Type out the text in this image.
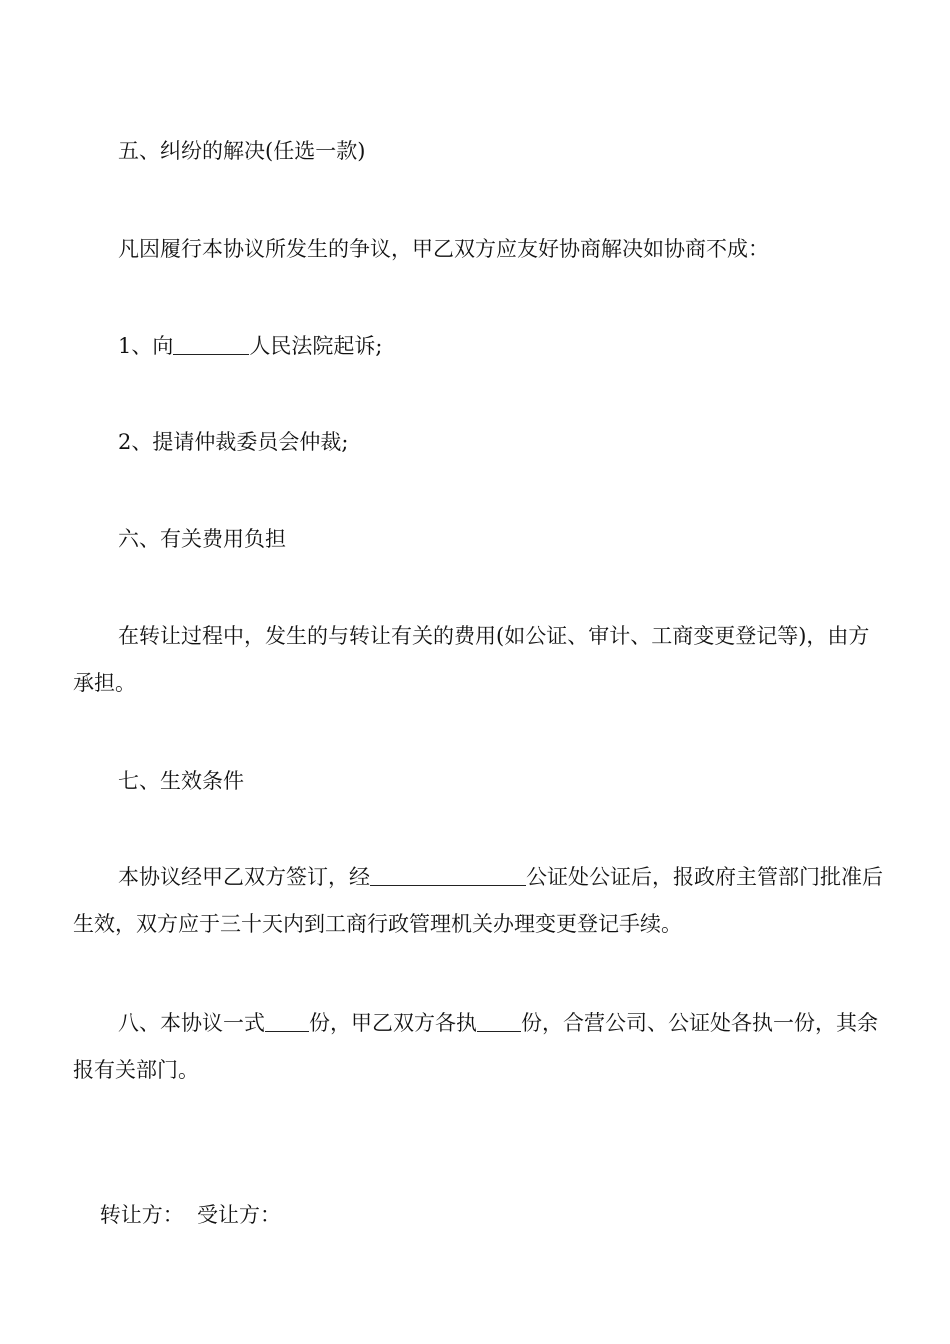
五、纠纷的解决(任选一款)

凡因履行本协议所发生的争议，甲乙双方应友好协商解决如协商不成：

1、向	人民法院起诉;

2、提请仲裁委员会仲裁;

六、有关费用负担

在转让过程中，发生的与转让有关的费用(如公证、审计、工商变更登记等)，由方承担。

七、生效条件

本协议经甲乙双方签订，经	公证处公证后，报政府主管部门批准后生效，双方应于三十天内到工商行政管理机关办理变更登记手续。

八、本协议一式 份，甲乙双方各执 份，合营公司、公证处各执一份，其余报有关部门。

转让方：  受让方：
